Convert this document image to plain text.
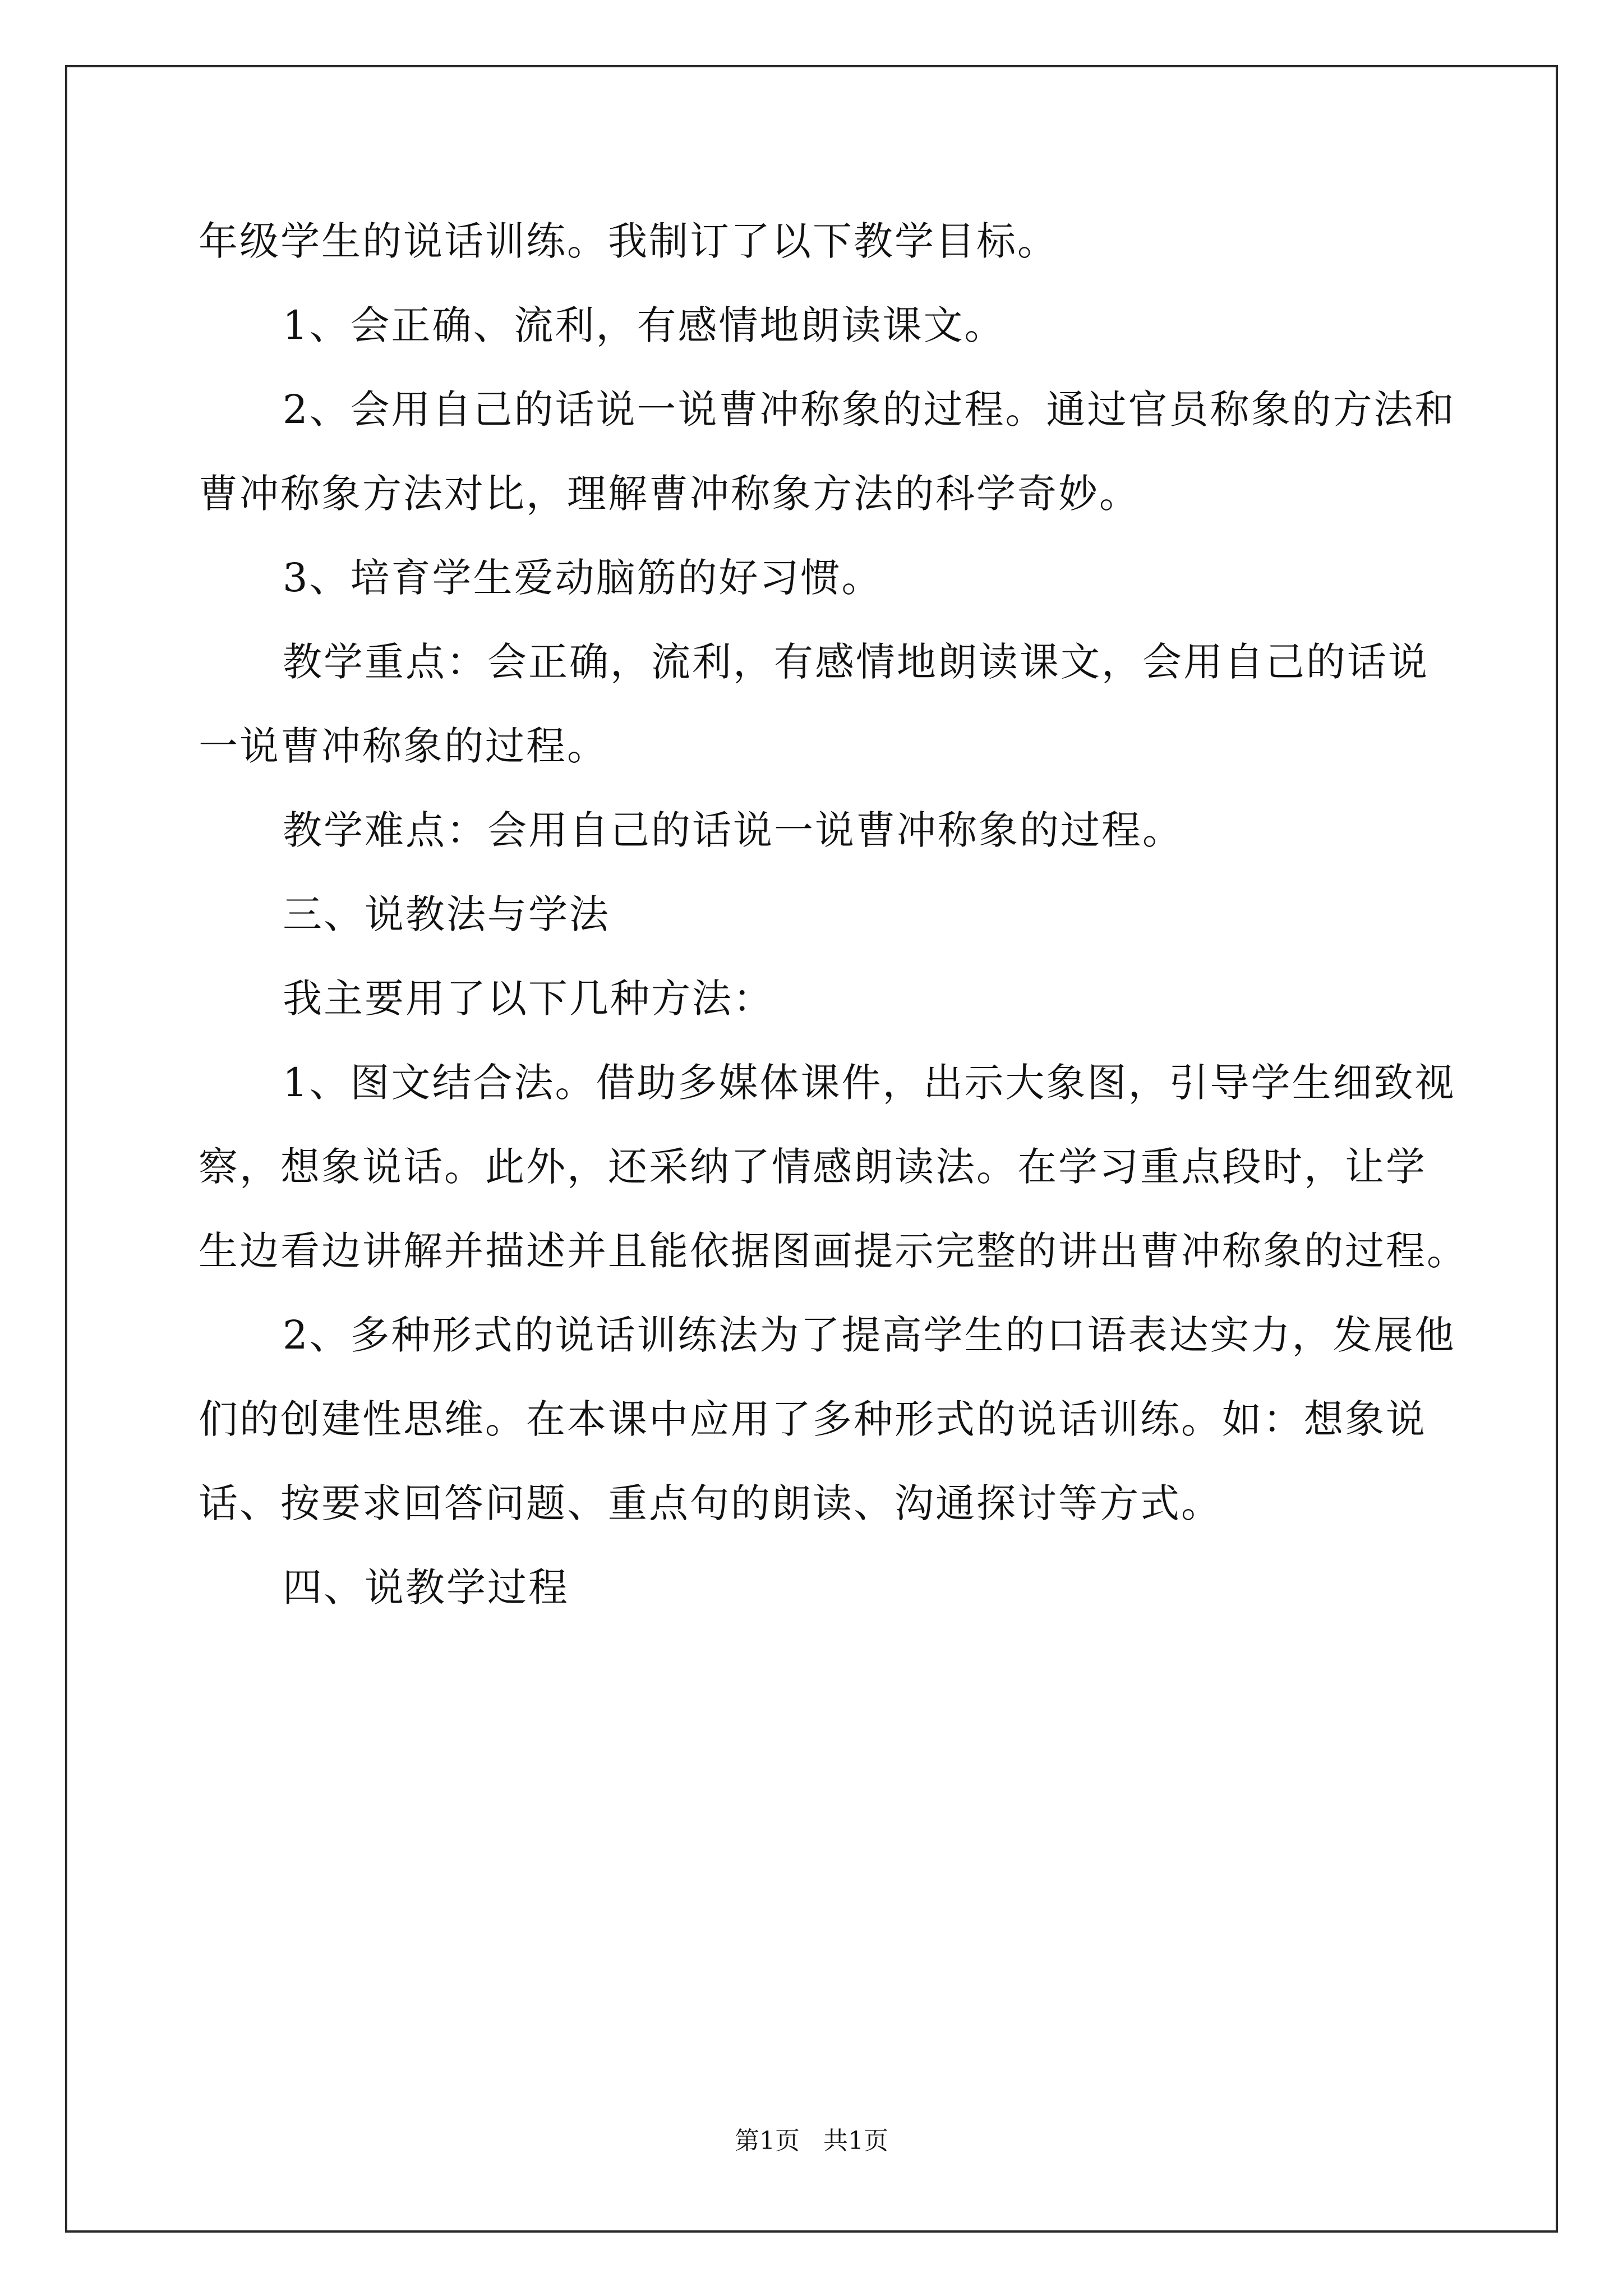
年级学生的说话训练。我制订了以下教学目标。
1、会正确、流利，有感情地朗读课文。
2、会用自己的话说一说曹冲称象的过程。通过官员称象的方法和
曹冲称象方法对比，理解曹冲称象方法的科学奇妙。
3、培育学生爱动脑筋的好习惯。
教学重点：会正确，流利，有感情地朗读课文，会用自己的话说
一说曹冲称象的过程。
教学难点：会用自己的话说一说曹冲称象的过程。
三、说教法与学法
我主要用了以下几种方法：
1、图文结合法。借助多媒体课件，出示大象图，引导学生细致视
察，想象说话。此外，还采纳了情感朗读法。在学习重点段时，让学
生边看边讲解并描述并且能依据图画提示完整的讲出曹冲称象的过程。
2、多种形式的说话训练法为了提高学生的口语表达实力，发展他
们的创建性思维。在本课中应用了多种形式的说话训练。如：想象说
话、按要求回答问题、重点句的朗读、沟通探讨等方式。
四、说教学过程
第1页   共1页
